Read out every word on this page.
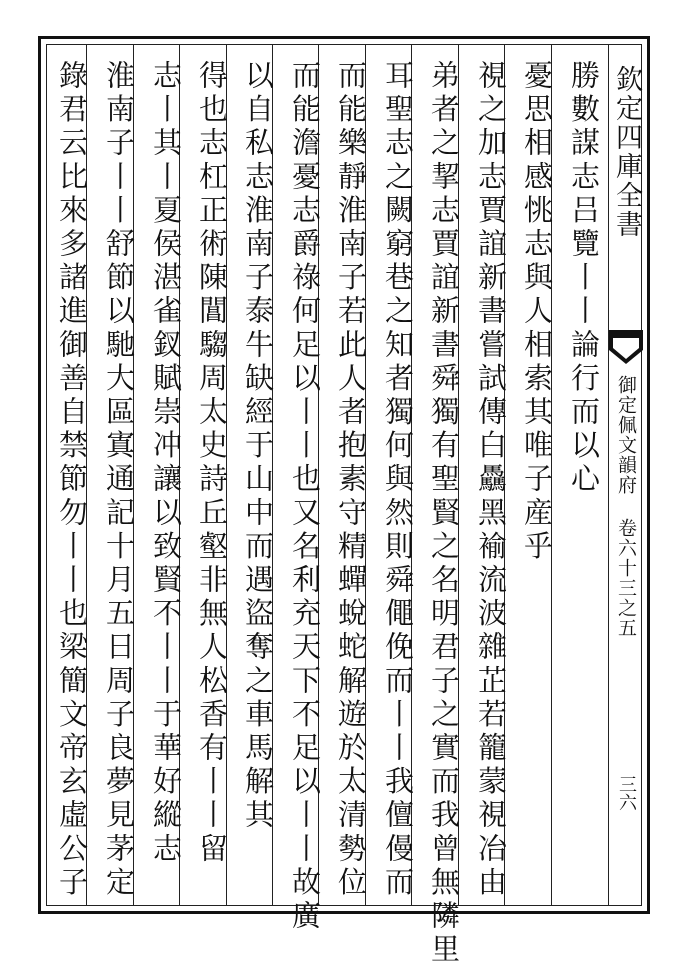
勝數謀志吕覽丨丨論行而以心
憂思相感恌志與人相索其唯子産乎
視之加志賈誼新書嘗試傳白驫黑褕流波雜芷若籠蒙視冶由
弟者之挈志賈誼新書舜獨有聖賢之名明君子之實而我曾無隣里
耳聖志之闕窮巷之知者獨何與然則舜僶俛而丨丨我儃僈而
而能樂靜淮南子若此人者抱素守精蟬蛻蛇解遊於太清勢位
而能澹憂志爵祿何足以丨丨也又名利充天下不足以丨丨故廣
以自私志淮南子泰牛缺經于山中而遇盜奪之車馬解其
得也志杠正術陳閶騶周太史詩丘壑非無人松香有丨丨留
志丨其丨夏侯湛雀釵賦崇冲讓以致賢不丨丨于華好縱志
淮南子丨丨舒節以馳大區寘通記十月五日周子良夢見茅定
錄君云比來多諸進御善自禁節勿丨丨也梁簡文帝玄虛公子	欽定四庫全書
御定佩文韻府 卷六十三之五
三六
